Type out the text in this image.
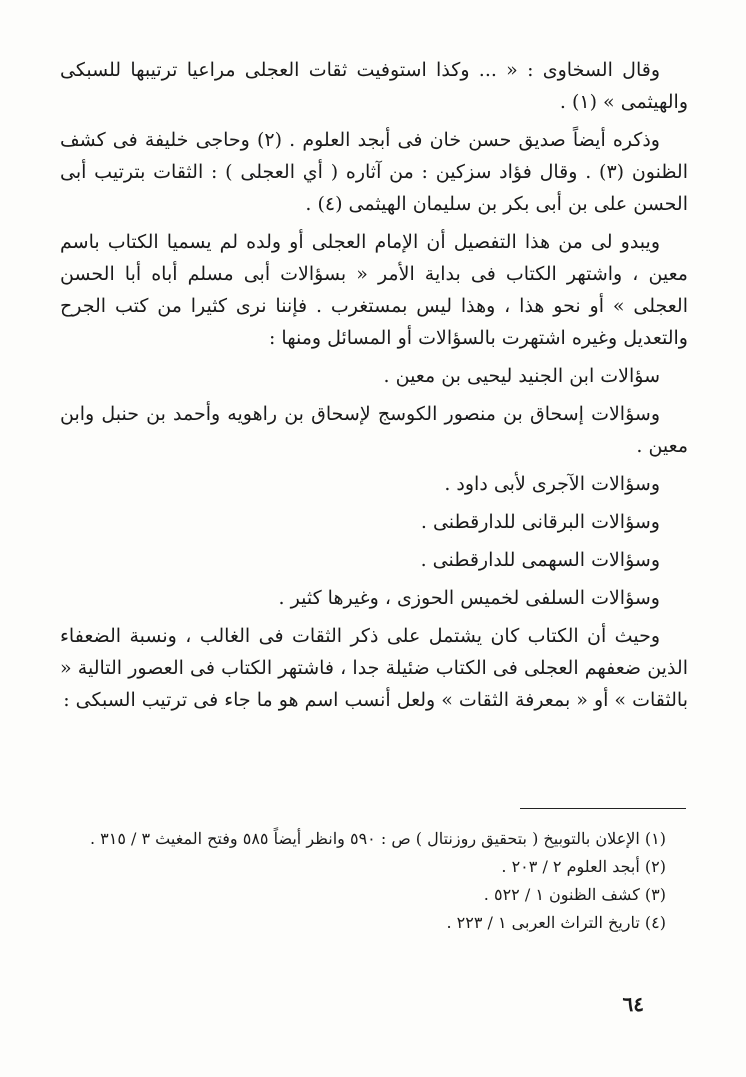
وقال السخاوى : « ... وكذا استوفيت ثقات العجلى مراعيا ترتيبها للسبكى والهيثمى » (١) .

وذكره أيضاً صديق حسن خان فى أبجد العلوم . (٢) وحاجى خليفة فى كشف الظنون (٣) . وقال فؤاد سزكين : من آثاره ( أي العجلى ) : الثقات بترتيب أبى الحسن على بن أبى بكر بن سليمان الهيثمى (٤) .

ويبدو لى من هذا التفصيل أن الإمام العجلى أو ولده لم يسميا الكتاب باسم معين ، واشتهر الكتاب فى بداية الأمر « بسؤالات أبى مسلم أباه أبا الحسن العجلى » أو نحو هذا ، وهذا ليس بمستغرب . فإننا نرى كثيرا من كتب الجرح والتعديل وغيره اشتهرت بالسؤالات أو المسائل ومنها :

سؤالات ابن الجنيد ليحيى بن معين .

وسؤالات إسحاق بن منصور الكوسج لإسحاق بن راهويه وأحمد بن حنبل وابن معين .

وسؤالات الآجرى لأبى داود .

وسؤالات البرقانى للدارقطنى .

وسؤالات السهمى للدارقطنى .

وسؤالات السلفى لخميس الحوزى ، وغيرها كثير .

وحيث أن الكتاب كان يشتمل على ذكر الثقات فى الغالب ، ونسبة الضعفاء الذين ضعفهم العجلى فى الكتاب ضئيلة جدا ، فاشتهر الكتاب فى العصور التالية « بالثقات » أو « بمعرفة الثقات » ولعل أنسب اسم هو ما جاء فى ترتيب السبكى :

(١) الإعلان بالتوبيخ ( بتحقيق روزنتال ) ص : ٥٩٠ وانظر أيضاً ٥٨٥ وفتح المغيث ٣ / ٣١٥ .

(٢) أبجد العلوم ٢ / ٢٠٣ .

(٣) كشف الظنون ١ / ٥٢٢ .

(٤) تاريخ التراث العربى ١ / ٢٢٣ .

٦٤
